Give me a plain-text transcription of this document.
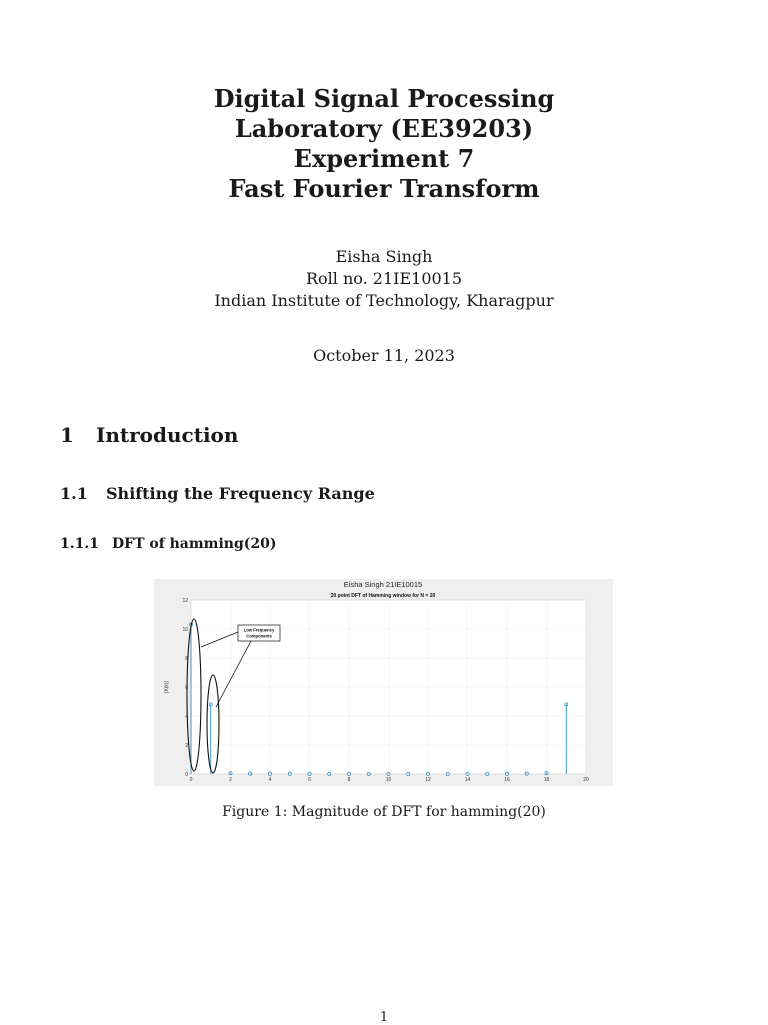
Digital Signal Processing
Laboratory (EE39203)
Experiment 7
Fast Fourier Transform
Eisha Singh
Roll no. 21IE10015
Indian Institute of Technology, Kharagpur
October 11, 2023
1 Introduction
1.1 Shifting the Frequency Range
1.1.1 DFT of hamming(20)
0	2	4	6	8	10	12	14	16	18	20
0
2
4
6
8
10
12
Eisha Singh 21IE10015
20 point DFT of Hamming window for N = 20
|X(k)|
Low Frequency
Components
Figure 1: Magnitude of DFT for hamming(20)
1
